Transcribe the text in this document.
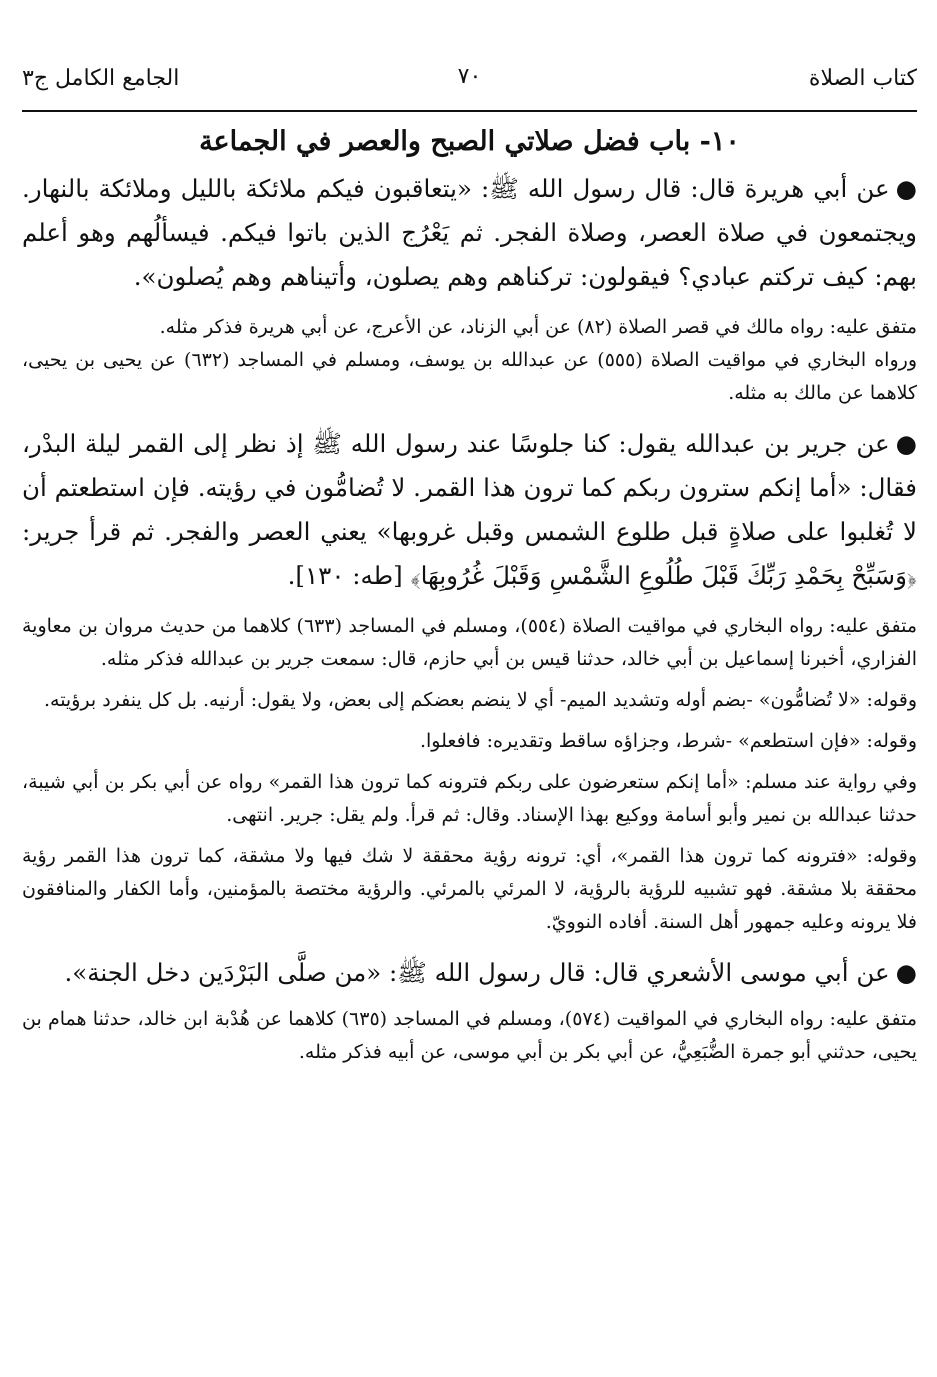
كتاب الصلاة
٧٠
الجامع الكامل ج٣
١٠- باب فضل صلاتي الصبح والعصر في الجماعة

●عن أبي هريرة قال: قال رسول الله ﷺ: «يتعاقبون فيكم ملائكة بالليل وملائكة بالنهار. ويجتمعون في صلاة العصر، وصلاة الفجر. ثم يَعْرُج الذين باتوا فيكم. فيسألُهم وهو أعلم بهم: كيف تركتم عبادي؟ فيقولون: تركناهم وهم يصلون، وأتيناهم وهم يُصلون».

متفق عليه: رواه مالك في قصر الصلاة (٨٢) عن أبي الزناد، عن الأعرج، عن أبي هريرة فذكر مثله.

ورواه البخاري في مواقيت الصلاة (٥٥٥) عن عبدالله بن يوسف، ومسلم في المساجد (٦٣٢) عن يحيى بن يحيى، كلاهما عن مالك به مثله.

●عن جرير بن عبدالله يقول: كنا جلوسًا عند رسول الله ﷺ إذ نظر إلى القمر ليلة البدْر، فقال: «أما إنكم سترون ربكم كما ترون هذا القمر. لا تُضامُّون في رؤيته. فإن استطعتم أن لا تُغلبوا على صلاةٍ قبل طلوع الشمس وقبل غروبها» يعني العصر والفجر. ثم قرأ جرير: ﴿وَسَبِّحْ بِحَمْدِ رَبِّكَ قَبْلَ طُلُوعِ الشَّمْسِ وَقَبْلَ غُرُوبِهَا﴾ [طه: ١٣٠].

متفق عليه: رواه البخاري في مواقيت الصلاة (٥٥٤)، ومسلم في المساجد (٦٣٣) كلاهما من حديث مروان بن معاوية الفزاري، أخبرنا إسماعيل بن أبي خالد، حدثنا قيس بن أبي حازم، قال: سمعت جرير بن عبدالله فذكر مثله.

وقوله: «لا تُضامُّون» -بضم أوله وتشديد الميم- أي لا ينضم بعضكم إلى بعض، ولا يقول: أرنيه. بل كل ينفرد برؤيته.

وقوله: «فإن استطعم» -شرط، وجزاؤه ساقط وتقديره: فافعلوا.

وفي رواية عند مسلم: «أما إنكم ستعرضون على ربكم فترونه كما ترون هذا القمر» رواه عن أبي بكر بن أبي شيبة، حدثنا عبدالله بن نمير وأبو أسامة ووكيع بهذا الإسناد. وقال: ثم قرأ. ولم يقل: جرير. انتهى.

وقوله: «فترونه كما ترون هذا القمر»، أي: ترونه رؤية محققة لا شك فيها ولا مشقة، كما ترون هذا القمر رؤية محققة بلا مشقة. فهو تشبيه للرؤية بالرؤية، لا المرئي بالمرئي. والرؤية مختصة بالمؤمنين، وأما الكفار والمنافقون فلا يرونه وعليه جمهور أهل السنة. أفاده النوويّ.

●عن أبي موسى الأشعري قال: قال رسول الله ﷺ: «من صلَّى البَرْدَين دخل الجنة».

متفق عليه: رواه البخاري في المواقيت (٥٧٤)، ومسلم في المساجد (٦٣٥) كلاهما عن هُدْبة ابن خالد، حدثنا همام بن يحيى، حدثني أبو جمرة الضُّبَعِيُّ، عن أبي بكر بن أبي موسى، عن أبيه فذكر مثله.
